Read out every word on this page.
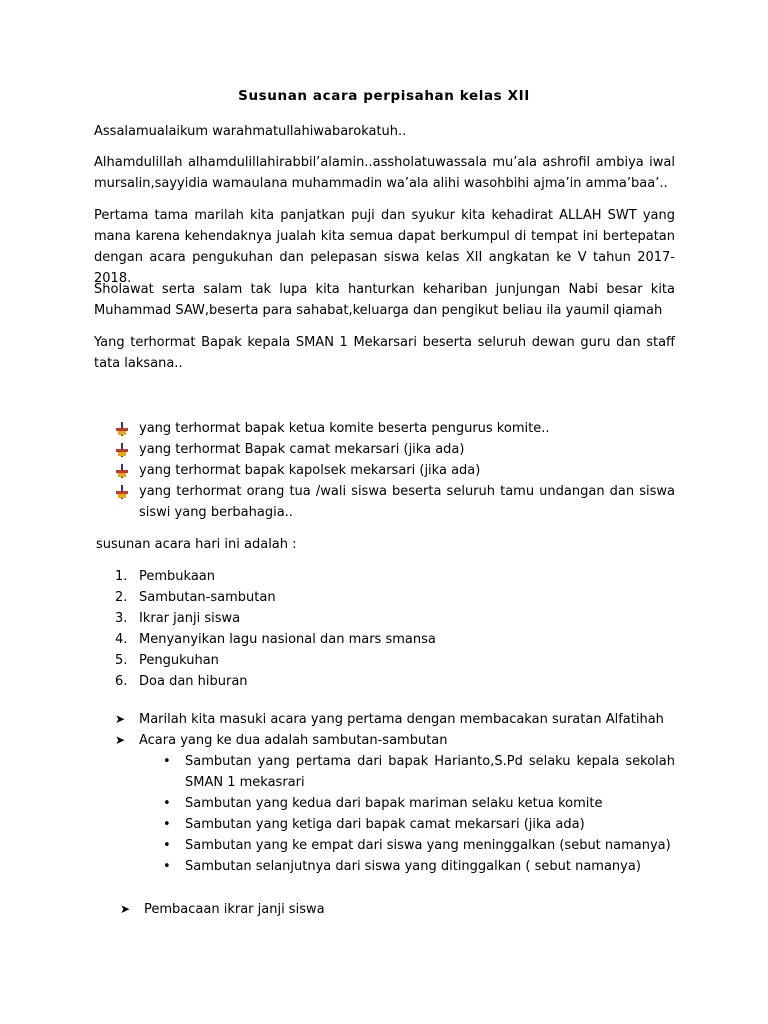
Susunan acara perpisahan kelas XII

Assalamualaikum warahmatullahiwabarokatuh..

Alhamdulillah alhamdulillahirabbil’alamin..assholatuwassala mu’ala ashrofil ambiya iwal mursalin,sayyidia wamaulana muhammadin wa’ala alihi wasohbihi ajma’in amma’baa’..

Pertama tama marilah kita panjatkan puji dan syukur kita kehadirat ALLAH SWT yang mana karena kehendaknya jualah kita semua dapat berkumpul di tempat ini bertepatan dengan acara pengukuhan dan pelepasan siswa kelas XII angkatan ke V tahun 2017-2018.

Sholawat serta salam tak lupa kita hanturkan kehariban junjungan Nabi besar kita Muhammad SAW,beserta para sahabat,keluarga dan pengikut beliau ila yaumil qiamah

Yang terhormat Bapak kepala SMAN 1 Mekarsari beserta seluruh dewan guru dan staff tata laksana..

yang terhormat bapak ketua komite beserta pengurus komite..
yang terhormat Bapak camat mekarsari (jika ada)
yang terhormat bapak kapolsek mekarsari (jika ada)
yang terhormat orang tua /wali siswa beserta seluruh tamu undangan dan siswa siswi yang berbahagia..

susunan acara hari ini adalah :

1. Pembukaan
2. Sambutan-sambutan
3. Ikrar janji siswa
4. Menyanyikan lagu nasional dan mars smansa
5. Pengukuhan
6. Doa dan hiburan
➤ Marilah kita masuki acara yang pertama dengan membacakan suratan Alfatihah
➤ Acara yang ke dua adalah sambutan-sambutan
• Sambutan yang pertama dari bapak Harianto,S.Pd selaku kepala sekolah SMAN 1 mekasrari
• Sambutan yang kedua dari bapak mariman selaku ketua komite
• Sambutan yang ketiga dari bapak camat mekarsari (jika ada)
• Sambutan yang ke empat dari siswa yang meninggalkan (sebut namanya)
• Sambutan selanjutnya dari siswa yang ditinggalkan ( sebut namanya)
➤ Pembacaan ikrar janji siswa
